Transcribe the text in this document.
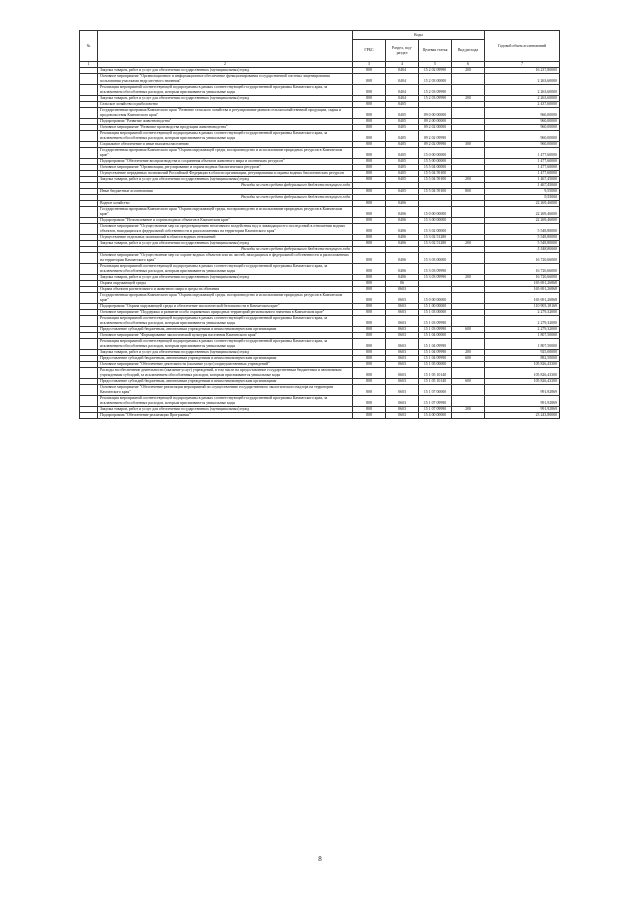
№		Коды				Годовой объем ассигнований
		ГРБС	Раздел, под-раздел	Целевая статья	Вид расхода	
1	2	3	4	5	6	7
	Закупка товаров, работ и услуг для обеспечения государственных (муниципальных) нужд	808	0404	15 2 02 09990	200	16 237,80000
	Основное мероприятие "Организационное и информационное обеспечение функционирования государственной системы лицензирования пользования участками недр местного значения"	808	0404	15 2 03 00000		2 263,60000
	Реализация мероприятий соответствующей подпрограммы в рамках соответствующей государственной программы Камчатского края, за исключением обособленных расходов, которым присваиваются уникальные коды	808	0404	15 2 03 09990		2 263,60000
	Закупка товаров, работ и услуг для обеспечения государственных (муниципальных) нужд	808	0404	15 2 03 09990	200	2 263,60000
	Сельское хозяйство и рыболовство	808	0405			2 437,60000
	Государственная программа Камчатского края "Развитие сельского хозяйства и регулирование рынков сельскохозяйственной продукции, сырья и продовольствия Камчатского края"	808	0405	09 0 00 00000		960,00000
	Подпрограмма "Развитие животноводства"	808	0405	09 2 00 00000		960,00000
	Основное мероприятие "Развитие производства продукции животноводства"	808	0405	09 2 02 00000		960,00000
	Реализация мероприятий соответствующей подпрограммы в рамках соответствующей государственной программы Камчатского края, за исключением обособленных расходов, которым присваиваются уникальные коды	808	0405	09 2 02 09990		960,00000
	Социальное обеспечение и иные выплаты населению	808	0405	09 2 02 09990	300	960,00000
	Государственная программа Камчатского края "Охрана окружающей среды, воспроизводство и использование природных ресурсов в Камчатском крае"	808	0405	15 0 00 00000		1 477,60000
	Подпрограмма "Обеспечение воспроизводства и сохранения объектов животного мира и охотничьих ресурсов"	808	0405	15 5 00 00000		1 477,60000
	Основное мероприятие "Организация, регулирование и охрана водных биологических ресурсов"	808	0405	15 5 04 00000		1 477,60000
	Осуществление переданных полномочий Российской Федерации в области организации, регулирования и охраны водных биологических ресурсов	808	0405	15 5 04 59100		1 477,60000
	Закупка товаров, работ и услуг для обеспечения государственных (муниципальных) нужд	808	0405	15 5 04 59100	200	1 467,45000
	Расходы за счет средств федерального бюджета текущего года					1 467,45000
	Иные бюджетные ассигнования	808	0405	15 5 04 59100	800	9,55000
	Расходы за счет средств федерального бюджета текущего года					9,55000
	Водное хозяйство	808	0406			22 269,46000
	Государственная программа Камчатского края "Охрана окружающей среды, воспроизводство и использование природных ресурсов в Камчатском крае"	808	0406	15 0 00 00000		22 269,46000
	Подпрограмма "Использование и охрана водных объектов в Камчатском крае"	808	0406	15 3 00 00000		22 269,46000
	Основное мероприятие "Осуществление мер по предотвращению негативного воздействия вод и ликвидации его последствий в отношении водных объектов, находящихся в федеральной собственности и расположенных на территории Камчатского края"	808	0406	15 3 02 00000		5 548,80000
	Осуществление отдельных полномочий в области водных отношений	808	0406	15 3 02 51280		5 548,80000
	Закупка товаров, работ и услуг для обеспечения государственных (муниципальных) нужд	808	0406	15 3 02 51280	200	5 548,80000
	Расходы за счет средств федерального бюджета текущего года					5 548,80000
	Основное мероприятие "Осуществление мер по охране водных объектов или их частей, находящихся в федеральной собственности и расположенных на территории Камчатского края"	808	0406	15 3 03 00000		16 720,66000
	Реализация мероприятий соответствующей подпрограммы в рамках соответствующей государственной программы Камчатского края, за исключением обособленных расходов, которым присваиваются уникальные коды	808	0406	15 3 03 09990		16 720,66000
	Закупка товаров, работ и услуг для обеспечения государственных (муниципальных) нужд	808	0406	15 3 03 09990	200	16 720,66000
	Охрана окружающей среды	808	06			165 691,26868
	Охрана объектов растительного и животного мира и среды их обитания	808	0603			165 691,26868
	Государственная программа Камчатского края "Охрана окружающей среды, воспроизводство и использование природных ресурсов в Камчатском крае"	808	0603	15 0 00 00000		165 691,26868
	Подпрограмма "Охрана окружающей среды и обеспечение экологической безопасности в Камчатском крае"	808	0603	15 1 00 00000		110 905,18169
	Основное мероприятие "Поддержка и развитие особо охраняемых природных территорий регионального значения в Камчатском крае"	808	0603	15 1 03 00000		2 279,32000
	Реализация мероприятий соответствующей подпрограммы в рамках соответствующей государственной программы Камчатского края, за исключением обособленных расходов, которым присваиваются уникальные коды	808	0603	15 1 03 09990		2 279,32000
	Предоставление субсидий бюджетным, автономным учреждениям и иным некоммерческим организациям	808	0603	15 1 03 09990	600	2 279,32000
	Основное мероприятие "Формирование экологической культуры населения Камчатского края"	808	0603	15 1 04 00000		1 807,50000
	Реализация мероприятий соответствующей подпрограммы в рамках соответствующей государственной программы Камчатского края, за исключением обособленных расходов, которым присваиваются уникальные коды	808	0603	15 1 04 09990		1 807,50000
	Закупка товаров, работ и услуг для обеспечения государственных (муниципальных) нужд	808	0603	15 1 04 09990	200	925,00000
	Предоставление субсидий бюджетным, автономным учреждениям и иным некоммерческим организациям	808	0603	15 1 04 09990	600	882,50000
	Основное мероприятие "Обеспечение деятельности (оказание услуг) подведомственных учреждений"	808	0603	15 1 05 00000		105 826,43300
	Расходы на обеспечение деятельности (оказание услуг) учреждений, в том числе на предоставление государственным бюджетным и автономным учреждениям субсидий, за исключением обособленных расходов, которым присваиваются уникальные коды	808	0603	15 1 05 10140		105 826,43300
	Предоставление субсидий бюджетным, автономным учреждениям и иным некоммерческим организациям	808	0603	15 1 05 10140	600	105 826,43300
	Основное мероприятие "Обеспечение реализации мероприятий по осуществлению государственного экологического надзора на территории Камчатского края"	808	0603	15 1 07 00000		991,92869
	Реализация мероприятий соответствующей подпрограммы в рамках соответствующей государственной программы Камчатского края, за исключением обособленных расходов, которым присваиваются уникальные коды	808	0603	15 1 07 09990		991,92869
	Закупка товаров, работ и услуг для обеспечения государственных (муниципальных) нужд	808	0603	15 1 07 09990	200	991,92869
	Подпрограмма "Обеспечение реализации Программы"	808	0603	15 4 00 00000		23 243,80000
8
